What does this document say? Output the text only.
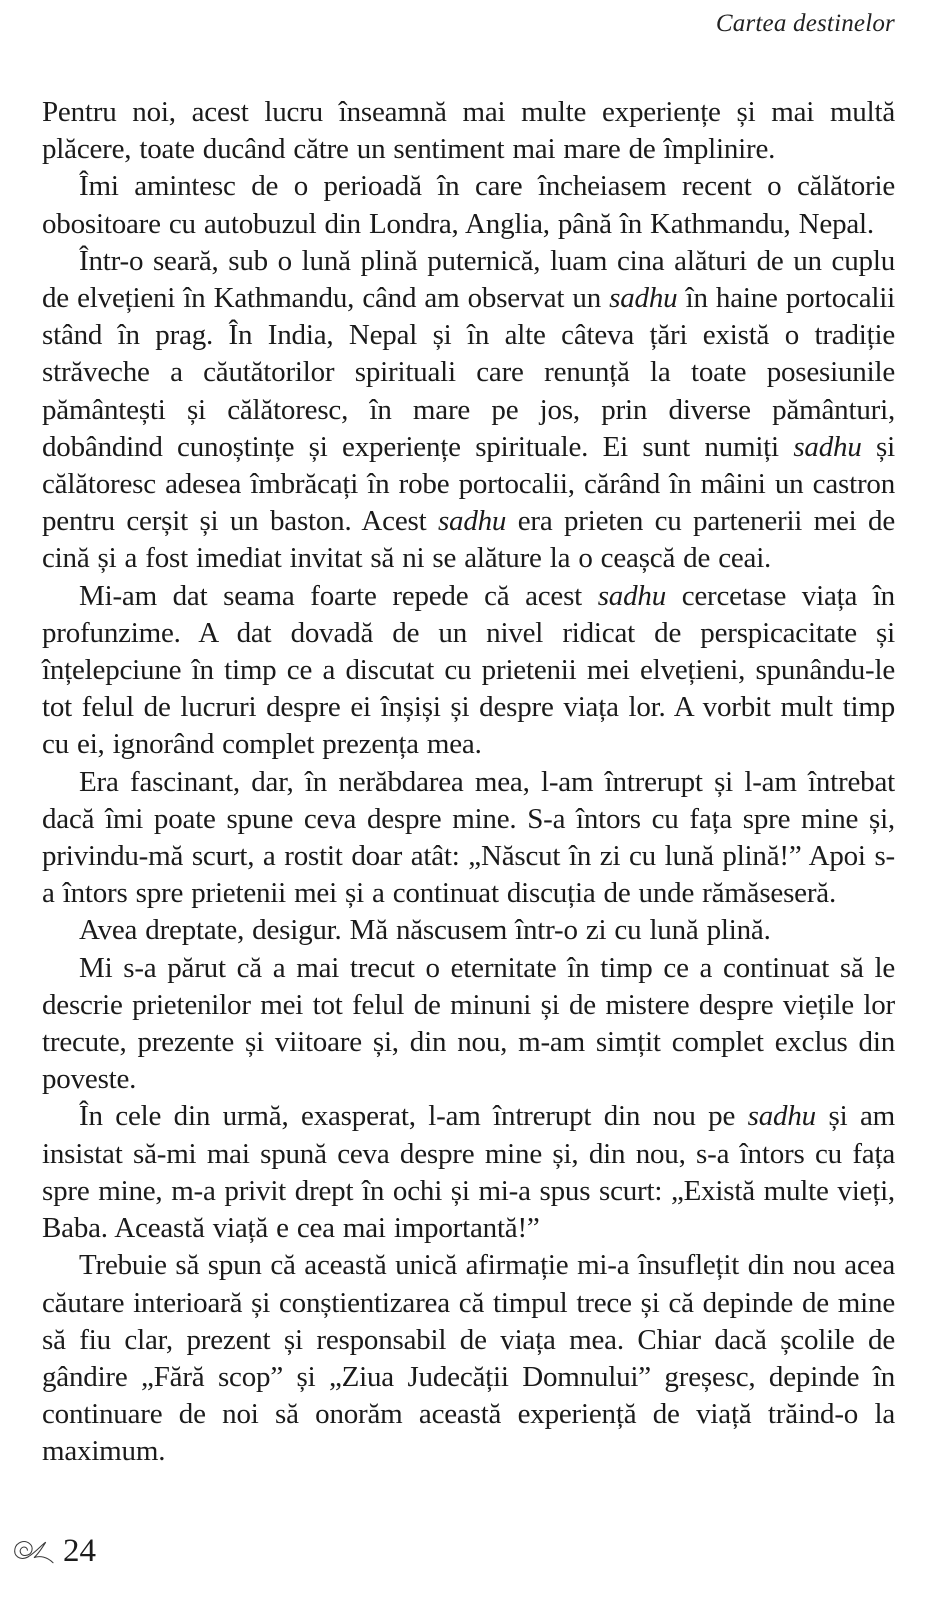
Cartea destinelor

Pentru noi, acest lucru înseamnă mai multe experiențe și mai multă plăcere, toate ducând către un sentiment mai mare de împlinire.

Îmi amintesc de o perioadă în care încheiasem recent o călătorie obositoare cu autobuzul din Londra, Anglia, până în Kathmandu, Nepal.

Într-o seară, sub o lună plină puternică, luam cina alături de un cuplu de elvețieni în Kathmandu, când am observat un sadhu în haine portocalii stând în prag. În India, Nepal și în alte câteva țări există o tradiție străveche a căutătorilor spirituali care renunță la toate posesiunile pământești și călătoresc, în mare pe jos, prin diverse pământuri, dobândind cunoștințe și experiențe spirituale. Ei sunt numiți sadhu și călătoresc adesea îmbrăcați în robe portocalii, cărând în mâini un castron pentru cerșit și un baston. Acest sadhu era prieten cu partenerii mei de cină și a fost imediat invitat să ni se alăture la o ceașcă de ceai.

Mi-am dat seama foarte repede că acest sadhu cercetase viața în profunzime. A dat dovadă de un nivel ridicat de perspicacitate și înțelepciune în timp ce a discutat cu prietenii mei elvețieni, spunându-le tot felul de lucruri despre ei înșiși și despre viața lor. A vorbit mult timp cu ei, ignorând complet prezența mea.

Era fascinant, dar, în nerăbdarea mea, l-am întrerupt și l-am întrebat dacă îmi poate spune ceva despre mine. S-a întors cu fața spre mine și, privindu-mă scurt, a rostit doar atât: „Născut în zi cu lună plină!” Apoi s-a întors spre prietenii mei și a continuat discuția de unde rămăseseră.

Avea dreptate, desigur. Mă născusem într-o zi cu lună plină.

Mi s-a părut că a mai trecut o eternitate în timp ce a continuat să le descrie prietenilor mei tot felul de minuni și de mistere despre viețile lor trecute, prezente și viitoare și, din nou, m-am simțit complet exclus din poveste.

În cele din urmă, exasperat, l-am întrerupt din nou pe sadhu și am insistat să-mi mai spună ceva despre mine și, din nou, s-a întors cu fața spre mine, m-a privit drept în ochi și mi-a spus scurt: „Există multe vieți, Baba. Această viață e cea mai importantă!”

Trebuie să spun că această unică afirmație mi-a însuflețit din nou acea căutare interioară și conștientizarea că timpul trece și că depinde de mine să fiu clar, prezent și responsabil de viața mea. Chiar dacă școlile de gândire „Fără scop” și „Ziua Judecății Domnului” greșesc, depinde în continuare de noi să onorăm această experiență de viață trăind-o la maximum.

24
